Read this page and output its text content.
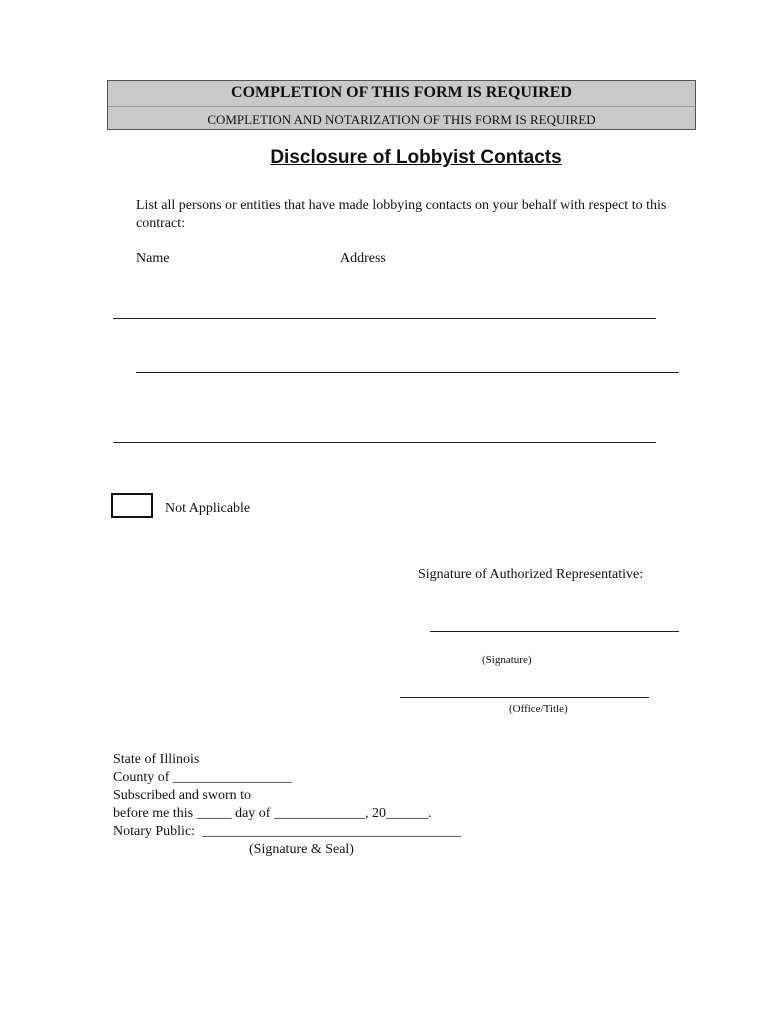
COMPLETION OF THIS FORM IS REQUIRED
COMPLETION AND NOTARIZATION OF THIS FORM IS REQUIRED
Disclosure of Lobbyist Contacts
List all persons or entities that have made lobbying contacts on your behalf with respect to this contract:
Name	Address
Not Applicable
Signature of Authorized Representative:
(Signature)
(Office/Title)
State of Illinois
County of _________________
Subscribed and sworn to
before me this _____ day of _____________, 20______.
Notary Public:  _____________________________________
(Signature & Seal)
